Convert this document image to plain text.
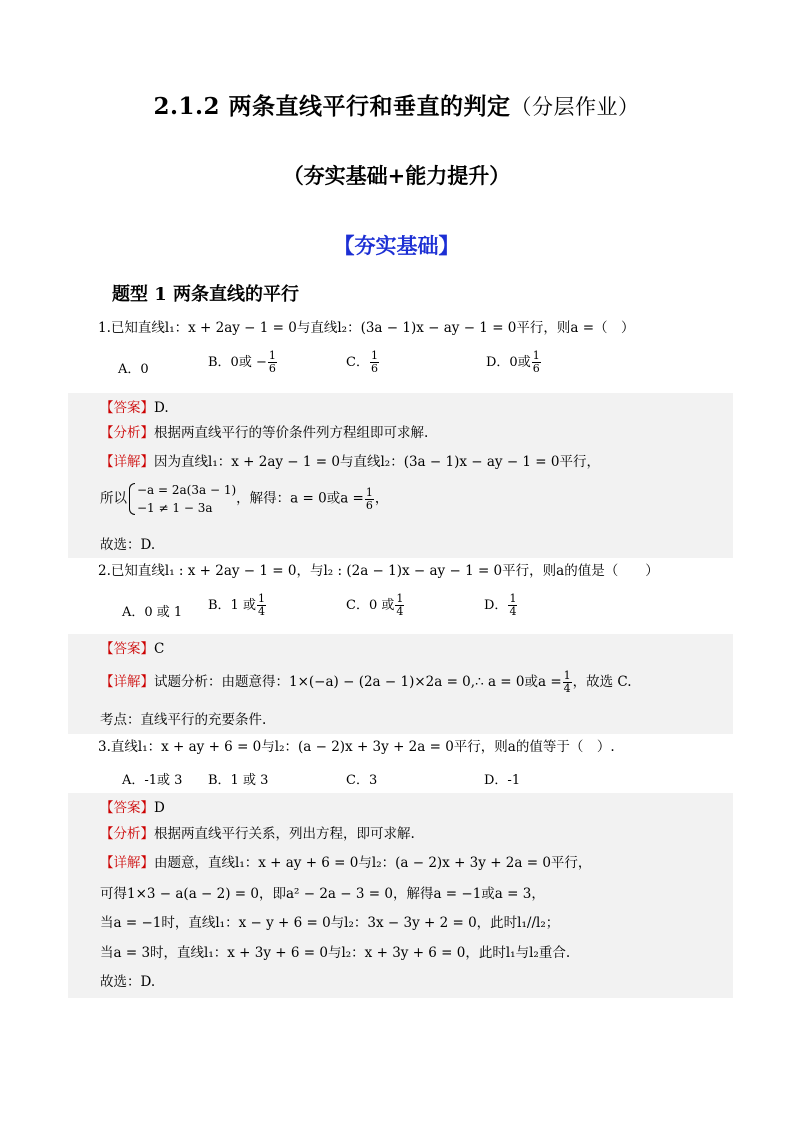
2.1.2 两条直线平行和垂直的判定（分层作业）
（夯实基础+能力提升）
【夯实基础】
题型 1 两条直线的平行
1.已知直线l₁：x + 2ay − 1 = 0与直线l₂：(3a − 1)x − ay − 1 = 0平行，则a =（　）
A．0	B．0或 − $\frac{1}{6}$	C． $\frac{1}{6}$	D．0或 $\frac{1}{6}$
【答案】D.
【分析】根据两直线平行的等价条件列方程组即可求解.
【详解】因为直线l₁：x + 2ay − 1 = 0与直线l₂：(3a − 1)x − ay − 1 = 0平行，
所以
−a = 2a(3a − 1)
−1 ≠ 1 − 3a
，解得：a = 0或$a = \frac{1}{6}$ ，
故选：D.
2.已知直线l₁ : x + 2ay − 1 = 0，与l₂ : (2a − 1)x − ay − 1 = 0平行，则a的值是（　　）
A．0 或 1 B．1 或 $\frac{1}{4}$	C．0 或 $\frac{1}{4}$	D． $\frac{1}{4}$
【答案】C
【详解】试题分析：由题意得：1×(−a) − (2a − 1)×2a = 0,∴ a = 0或$a = \frac{1}{4}$ ，故选 C.
考点：直线平行的充要条件.
3.直线l₁：x + ay + 6 = 0与l₂：(a − 2)x + 3y + 2a = 0平行，则a的值等于（　）.
A．-1或 3 B．1 或 3	C．3	D．-1
【答案】D
【分析】根据两直线平行关系，列出方程，即可求解.
【详解】由题意，直线l₁：x + ay + 6 = 0与l₂：(a − 2)x + 3y + 2a = 0平行，
可得1×3 − a(a − 2) = 0，即a² − 2a − 3 = 0，解得a = −1或a = 3，
当a = −1时，直线l₁：x − y + 6 = 0与l₂：3x − 3y + 2 = 0，此时l₁//l₂；
当a = 3时，直线l₁：x + 3y + 6 = 0与l₂：x + 3y + 6 = 0，此时l₁与l₂重合.
故选：D.
